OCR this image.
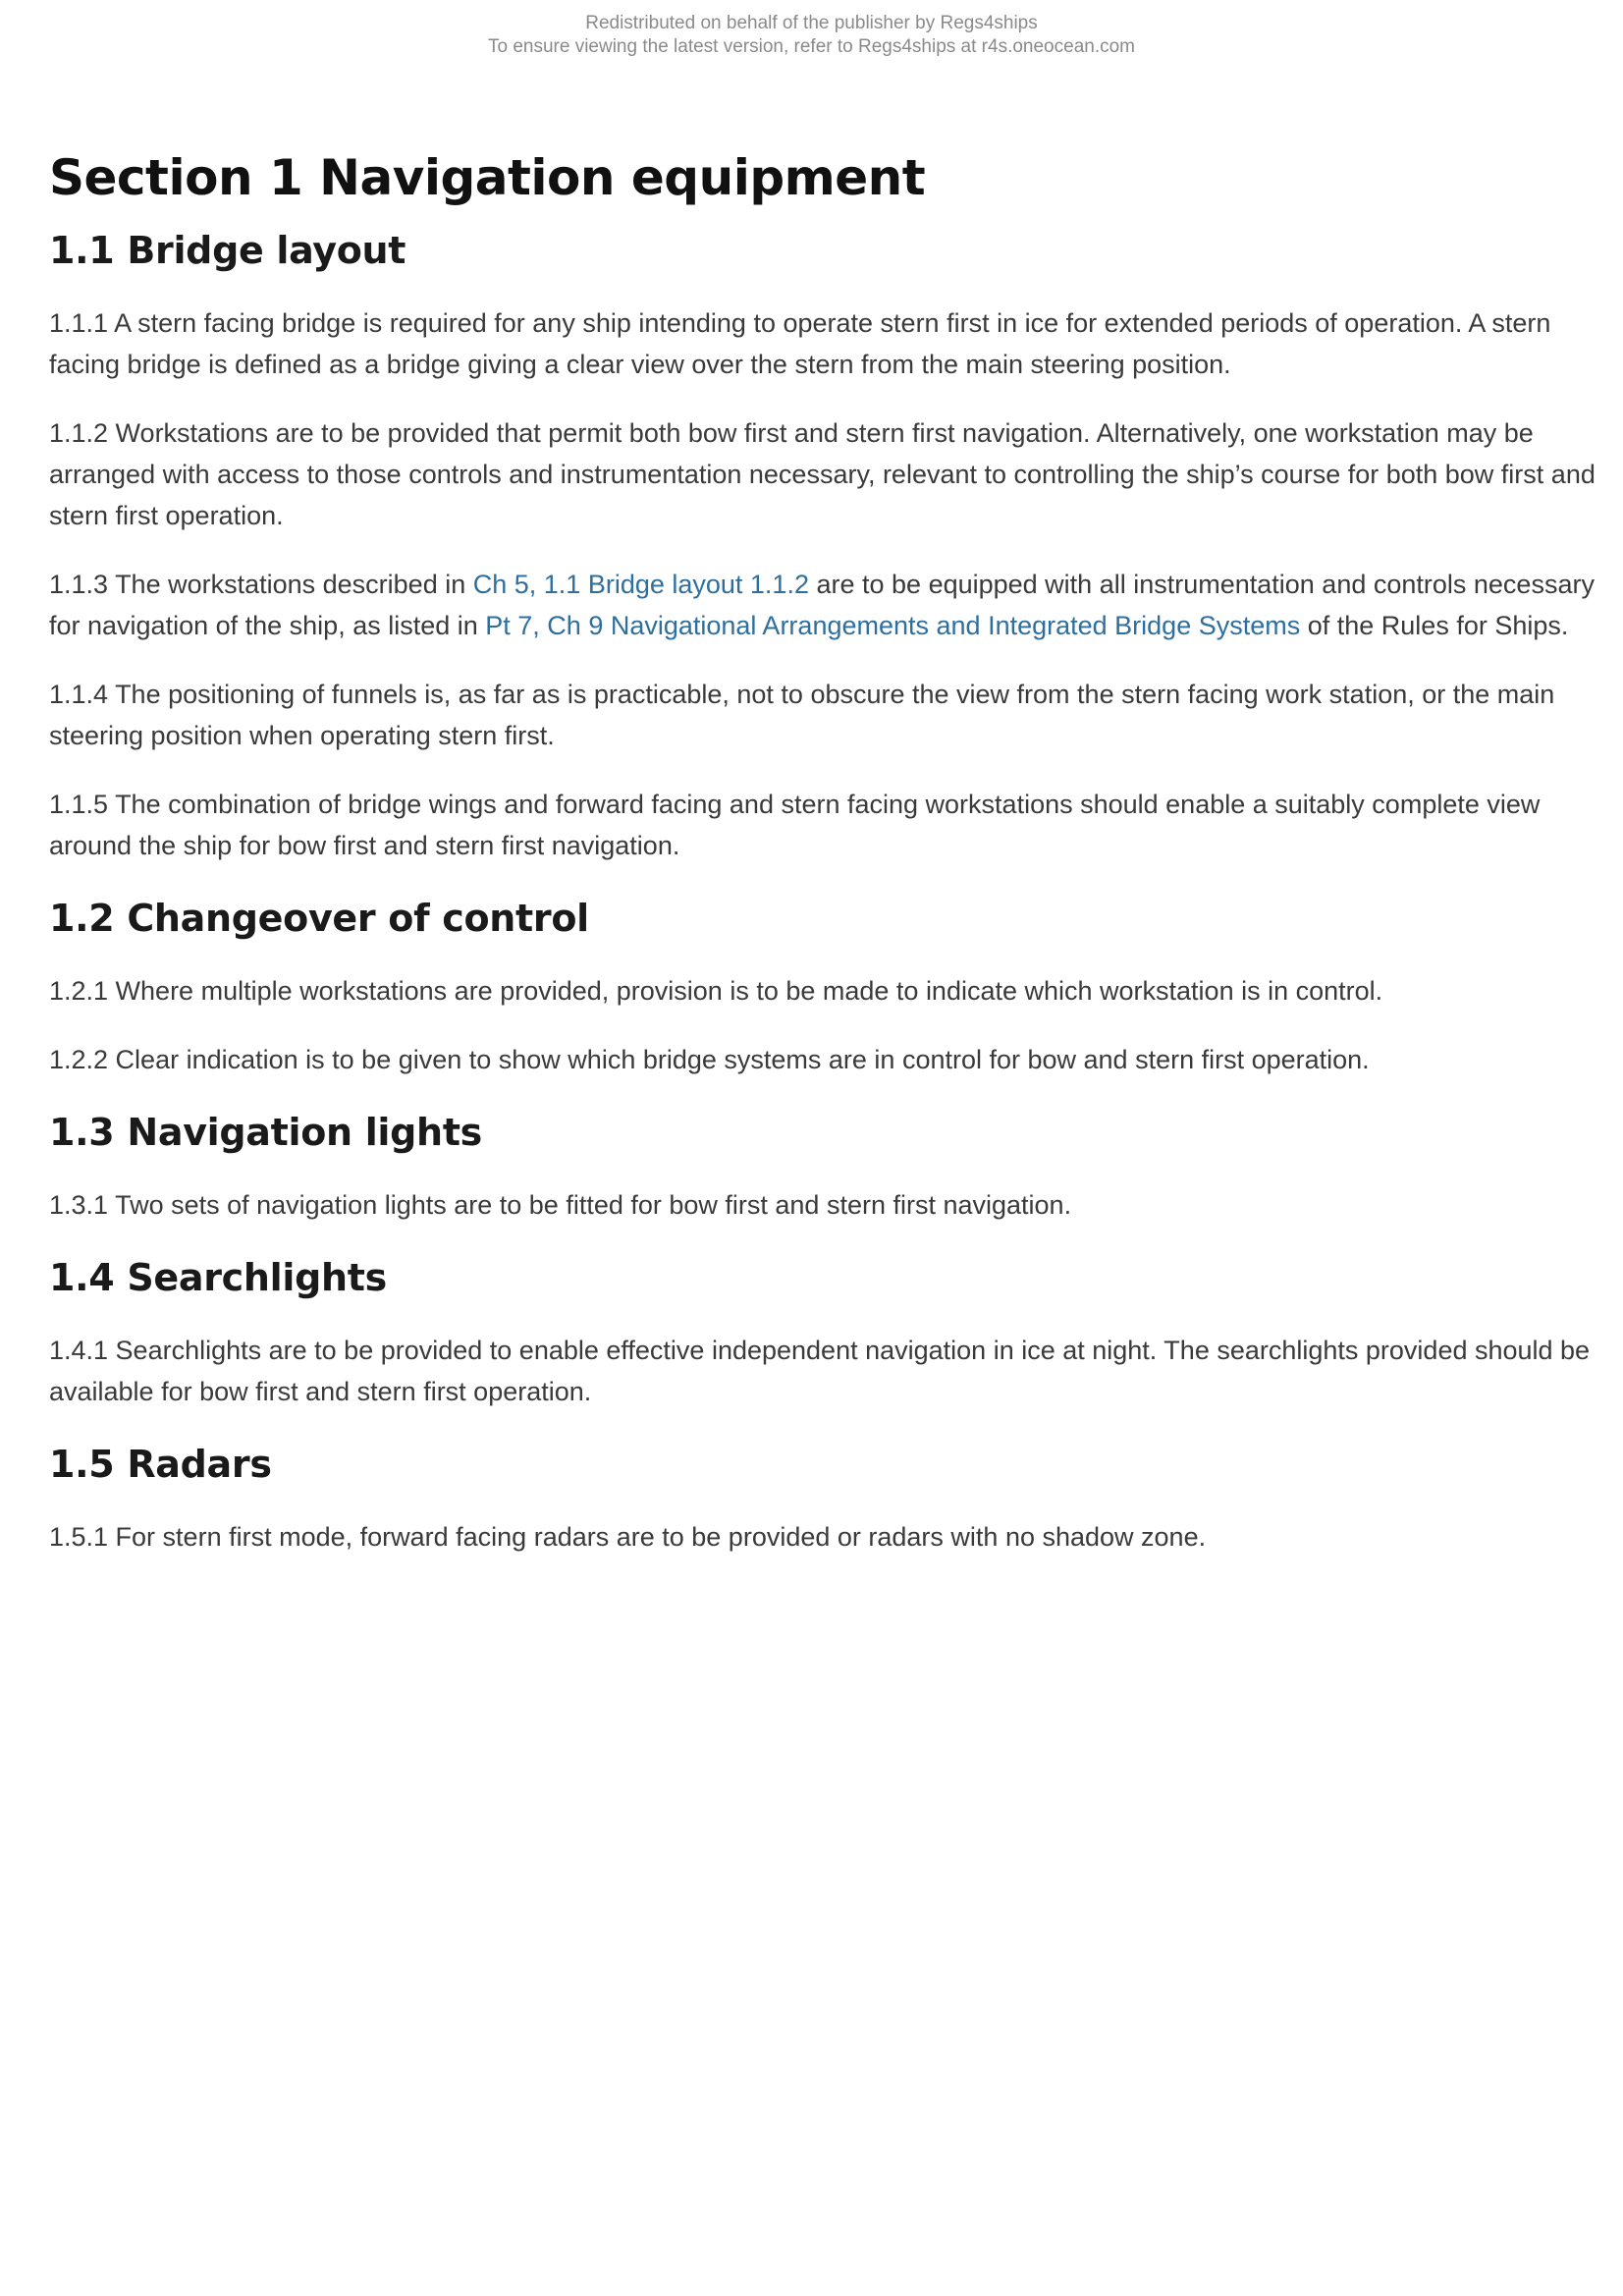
Redistributed on behalf of the publisher by Regs4ships
To ensure viewing the latest version, refer to Regs4ships at r4s.oneocean.com
Section 1 Navigation equipment
1.1 Bridge layout

1.1.1 A stern facing bridge is required for any ship intending to operate stern first in ice for extended periods of operation. A stern facing bridge is defined as a bridge giving a clear view over the stern from the main steering position.

1.1.2 Workstations are to be provided that permit both bow first and stern first navigation. Alternatively, one workstation may be arranged with access to those controls and instrumentation necessary, relevant to controlling the ship’s course for both bow first and stern first operation.

1.1.3 The workstations described in Ch 5, 1.1 Bridge layout 1.1.2 are to be equipped with all instrumentation and controls necessary for navigation of the ship, as listed in Pt 7, Ch 9 Navigational Arrangements and Integrated Bridge Systems of the Rules for Ships.

1.1.4 The positioning of funnels is, as far as is practicable, not to obscure the view from the stern facing work station, or the main steering position when operating stern first.

1.1.5 The combination of bridge wings and forward facing and stern facing workstations should enable a suitably complete view around the ship for bow first and stern first navigation.

1.2 Changeover of control

1.2.1 Where multiple workstations are provided, provision is to be made to indicate which workstation is in control.

1.2.2 Clear indication is to be given to show which bridge systems are in control for bow and stern first operation.

1.3 Navigation lights

1.3.1 Two sets of navigation lights are to be fitted for bow first and stern first navigation.

1.4 Searchlights

1.4.1 Searchlights are to be provided to enable effective independent navigation in ice at night. The searchlights provided should be available for bow first and stern first operation.

1.5 Radars

1.5.1 For stern first mode, forward facing radars are to be provided or radars with no shadow zone.
